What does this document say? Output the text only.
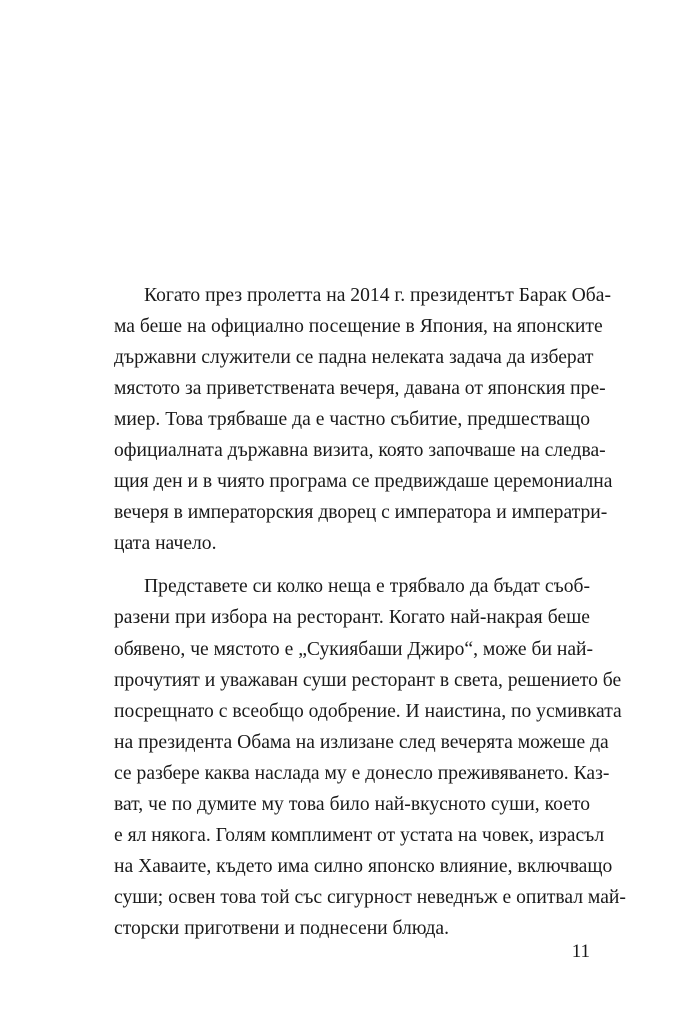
Когато през пролетта на 2014 г. президентът Барак Оба-
ма беше на официално посещение в Япония, на японските
държавни служители се падна нелеката задача да изберат
мястото за приветствената вечеря, давана от японския пре-
миер. Това трябваше да е частно събитие, предшестващо
официалната държавна визита, която започваше на следва-
щия ден и в чиято програма се предвиждаше церемониална
вечеря в императорския дворец с императора и императри-
цата начело.
Представете си колко неща е трябвало да бъдат съоб-
разени при избора на ресторант. Когато най-накрая беше
обявено, че мястото е „Сукиябаши Джиро“, може би най-
прочутият и уважаван суши ресторант в света, решението бе
посрещнато с всеобщо одобрение. И наистина, по усмивката
на президента Обама на излизане след вечерята можеше да
се разбере каква наслада му е донесло преживяването. Каз-
ват, че по думите му това било най-вкусното суши, което
е ял някога. Голям комплимент от устата на човек, израсъл
на Хаваите, където има силно японско влияние, включващо
суши; освен това той със сигурност неведнъж е опитвал май-
сторски приготвени и поднесени блюда.
11
